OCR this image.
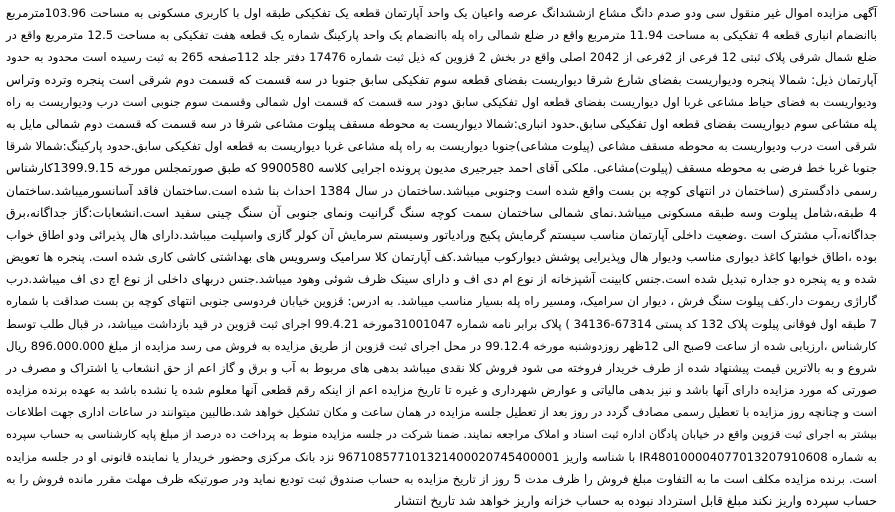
آگهی مزایده اموال غیر منقول سی ودو صدم دانگ مشاع ازششدانگ عرصه واعیان یک واحد آپارتمان قطعه یک تفکیکی طبقه اول با کاربری مسکونی به مساحت 103.96مترمربع
باانضمام انباری قطعه 4 تفکیکی به مساحت 11.94 مترمربع واقع در ضلع شمالی راه پله باانضمام یک واحد پارکینگ شماره یک قطعه هفت تفکیکی به مساحت 12.5 مترمربع واقع در
ضلع شمال شرقی پلاک ثبتی 12 فرعی از 2فرعی از 2042 اصلی واقع در بخش 2 قزوین که ذیل ثبت شماره 17476 دفتر جلد 112صفحه 265 به ثبت رسیده است محدود به حدود
آپارتمان ذیل: شمالا پنجره ودیواریست بفضای شارع شرقا دیواریست بفضای قطعه سوم تفکیکی سابق جنوبا در سه قسمت که قسمت دوم شرقی است پنجره وترده وتراس
ودیواریست به فضای حیاط مشاعی غربا اول دیواریست بفضای قطعه اول تفکیکی سابق دودر سه قسمت که قسمت اول شمالی وقسمت سوم جنوبی است درب ودیواریست به راه
پله مشاعی سوم دیواریست بفضای قطعه اول تفکیکی سابق.حدود انباری:شمالا دیواریست به محوطه مسقف پیلوت مشاعی شرقا در سه قسمت که قسمت دوم شمالی مایل به
شرقی است درب ودیواریست به محوطه مسقف مشاعی (پیلوت مشاعی)جنوبا دیواریست به راه پله مشاعی غربا دیواریست به قطعه اول تفکیکی سابق.حدود پارکینگ:شمالا شرقا
جنوبا غربا خط فرضی به محوطه مسقف (پیلوت)مشاعی. ملکی آقای احمد جیرجیری مدیون پرونده اجرایی کلاسه 9900580 که طبق صورتمجلس مورخه 1399.9.15کارشناس
رسمی دادگستری (ساختمان در انتهای کوچه بن بست واقع شده است وجنوبی میباشد.ساختمان در سال 1384 احداث بنا شده است.ساختمان فاقد آسانسورمیباشد.ساختمان
4 طبقه،شامل پیلوت وسه طبقه مسکونی میباشد.نمای شمالی ساختمان سمت کوچه سنگ گرانیت ونمای جنوبی آن سنگ چینی سفید است.انشعابات:گاز جداگانه،برق
جداگانه،آب مشترک است .وضعیت داخلی آپارتمان مناسب سیستم گرمایش پکیج ورادیاتور وسیستم سرمایش آن کولر گازی واسپلیت میباشد.دارای هال پذیرائی ودو اطاق خواب
بوده ،اطاق خوابها کاغذ دیواری مناسب ودیوار هال وپذیرایی پوشش دیوارکوب میباشد.کف آپارتمان کلا سرامیک وسرویس های بهداشتی کاشی کاری شده است. پنجره ها تعویض
شده و یه پنجره دو جداره تبدیل شده است.جنس کابینت آشپزخانه از نوع ام دی اف و دارای سینک ظرف شوئی وهود میباشد.جنس دربهای داخلی از نوع اچ دی اف میباشد.درب
گاراژی ریموت دار.کف پیلوت سنگ فرش ، دیوار ان سرامیک، ومسیر راه پله بسیار مناسب میباشد. به ادرس: قزوین خیابان فردوسی جنوبی انتهای کوچه بن بست صداقت با شماره
7 طبقه اول فوقانی پیلوت پلاک 132 کد پستی 67314-34136 ) پلاک برابر نامه شماره 31001047مورخه 99.4.21 اجرای ثبت قزوین در قید بازداشت میباشد، در قبال طلب توسط
کارشناس ،ارزیابی شده از ساعت 9صبح الی 12ظهر روزدوشنبه مورخه 99.12.4 در محل اجرای ثبت قزوین از طریق مزایده به فروش می رسد مزایده از مبلغ 896.000.000 ریال
شروع و به بالاترین قیمت پیشنهاد شده از طرف خریدار فروخته می شود فروش کلا نقدی میباشد بدهی های مربوط به آب و برق و گاز اعم از حق انشعاب یا اشتراک و مصرف در
صورتی که مورد مزایده دارای آنها باشد و نیز بدهی مالیاتی و عوارض شهرداری و غیره تا تاریخ مزایده اعم از اینکه رقم قطعی آنها معلوم شده یا نشده باشد به عهده برنده مزایده
است و چنانچه روز مزایده با تعطیل رسمی مصادف گردد در روز بعد از تعطیل جلسه مزایده در همان ساعت و مکان تشکیل خواهد شد.طالبین میتوانند در ساعات اداری جهت اطلاعات
بیشتر به اجرای ثبت قزوین واقع در خیابان پادگان اداره ثبت اسناد و املاک مراجعه نمایند. ضمنا شرکت در جلسه مزایده منوط به پرداخت ده درصد از مبلغ پایه کارشناسی به حساب سپرده
به شماره IR480100004077013207910608 با شناسه واریز 967108577101321400020745400001 نزد بانک مرکزی وحضور خریدار یا نماینده قانونی او در جلسه مزایده
است. برنده مزایده مکلف است ما به التفاوت مبلغ فروش را ظرف مدت 5 روز از تاریخ مزایده به حساب صندوق ثبت تودیع نماید ودر صورتیکه ظرف مهلت مقرر مانده فروش را به
حساب سپرده واریز نکند مبلغ قابل استرداد نبوده به حساب خزانه واریز خواهد شد تاریخ انتشار
